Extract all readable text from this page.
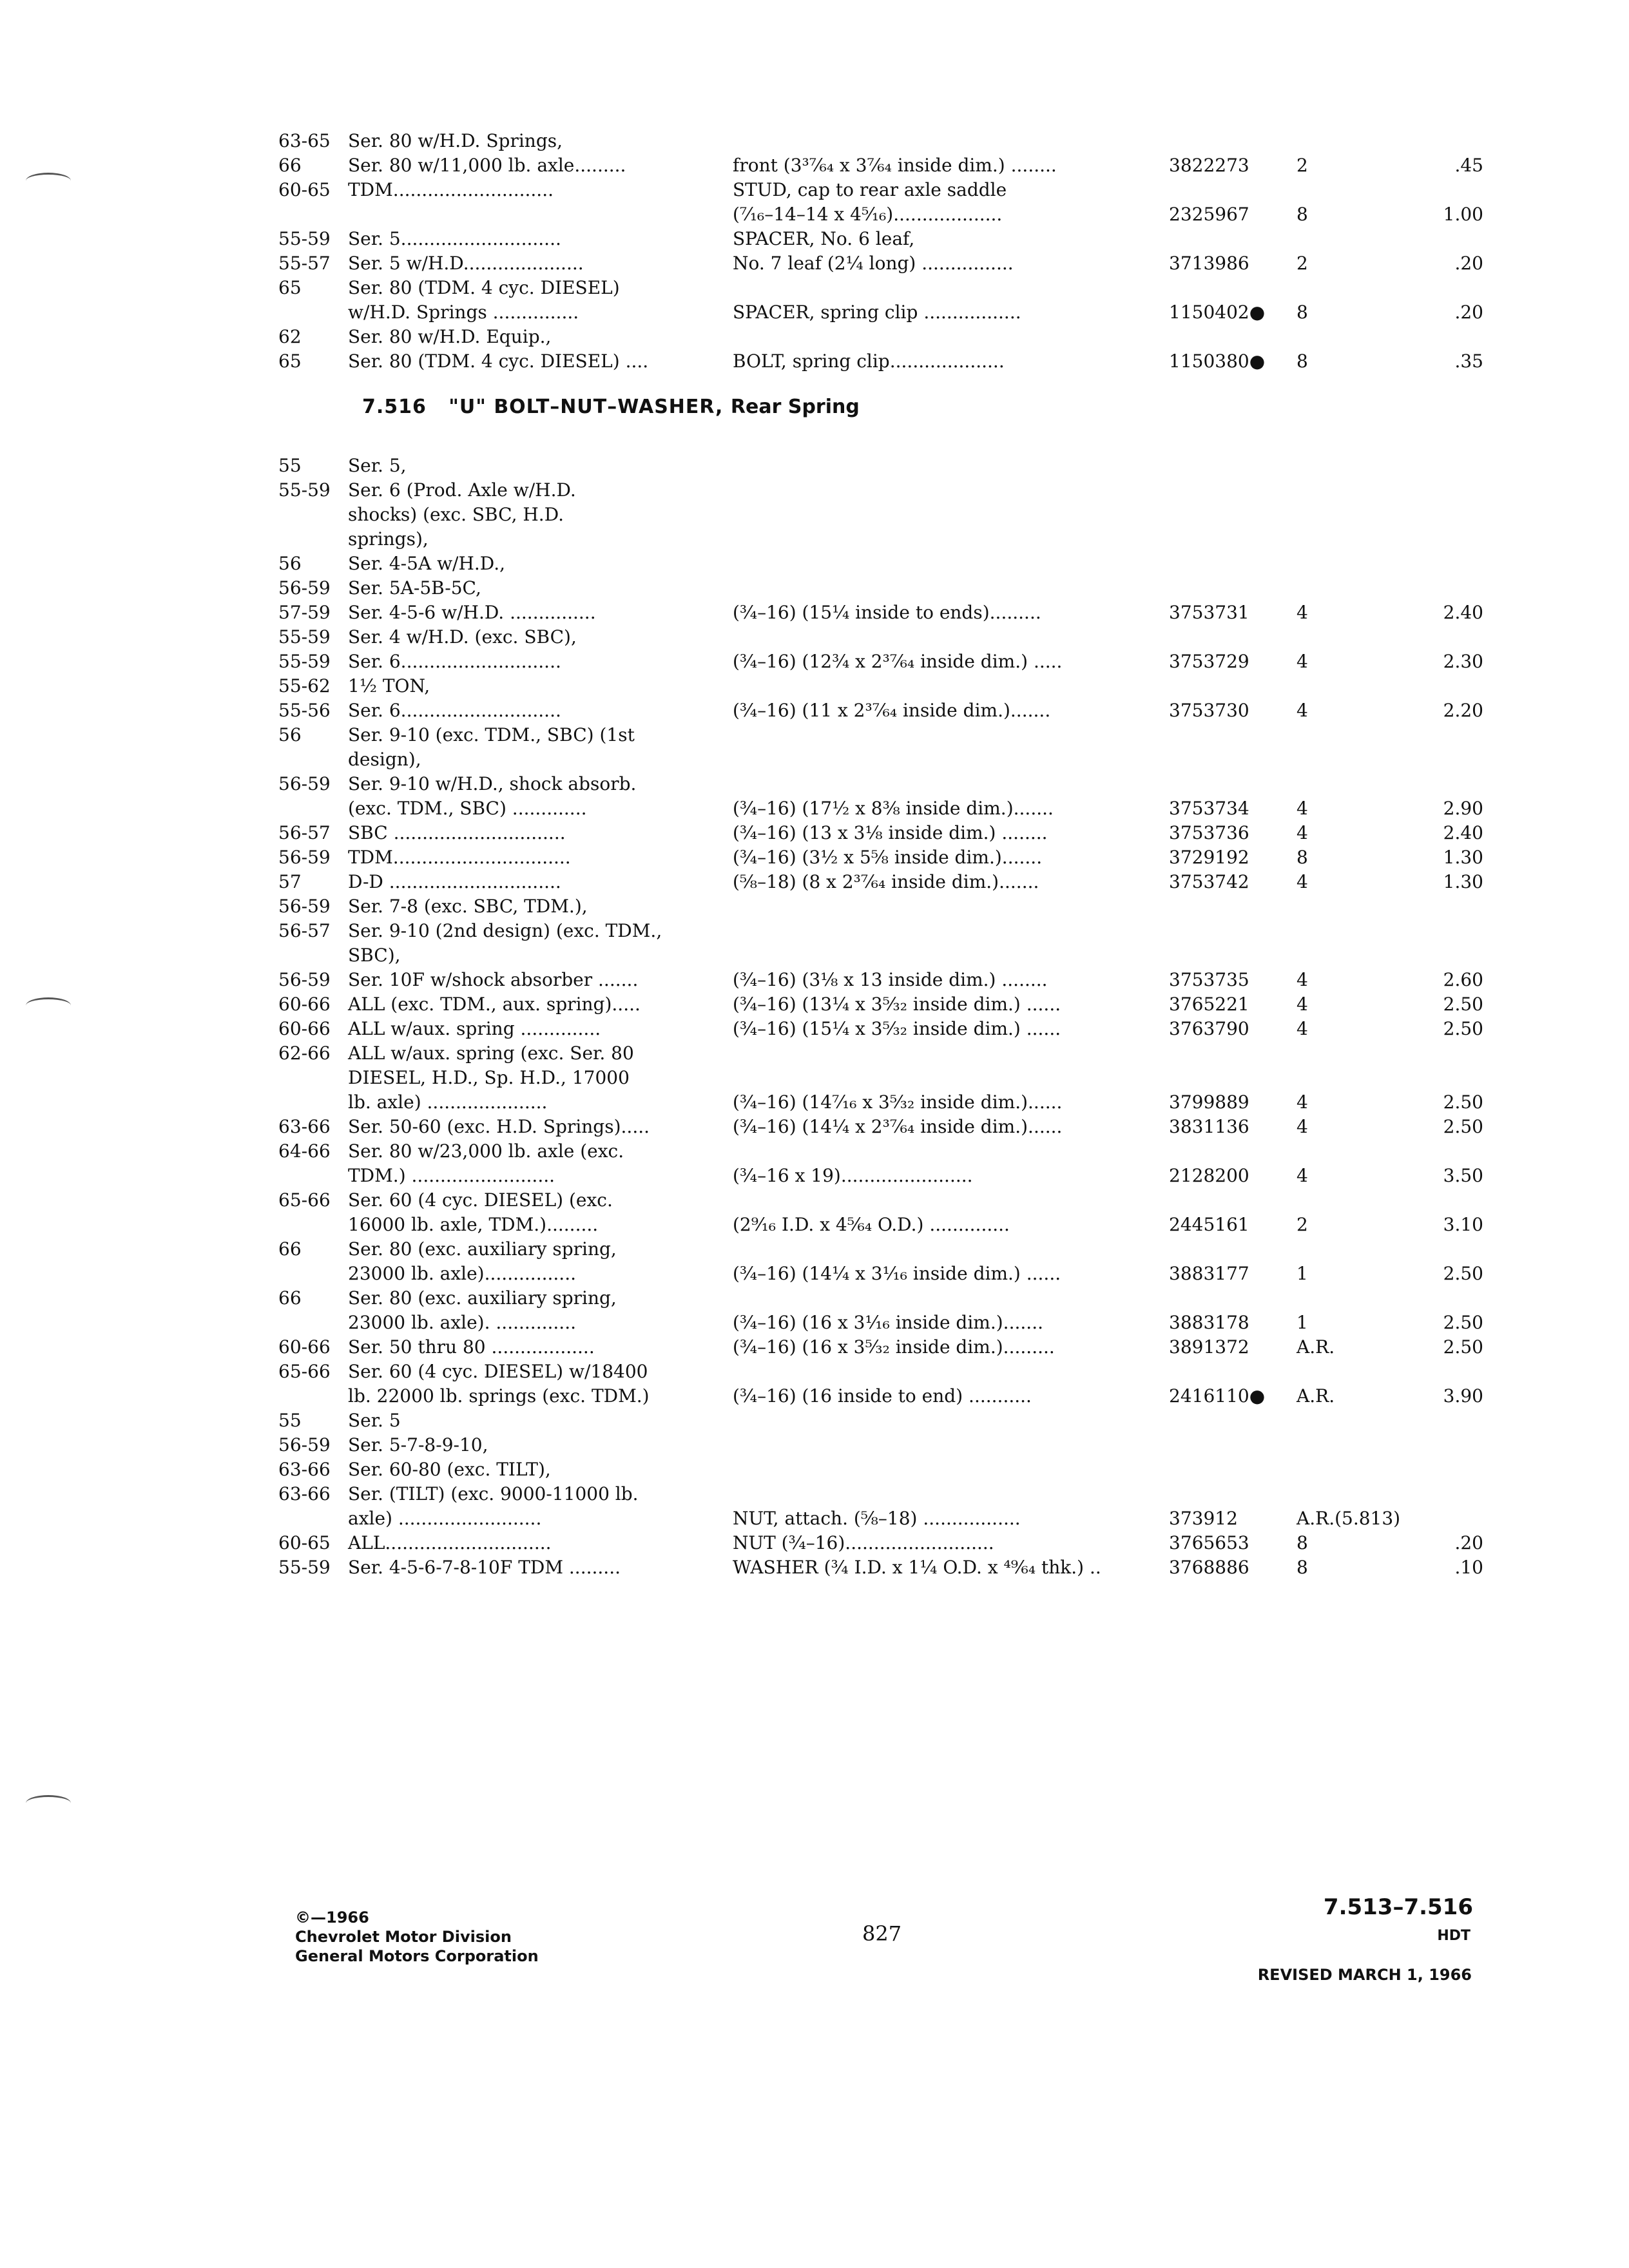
63-65 Ser. 80 w/H.D. Springs,
66	Ser. 80 w/11,000 lb. axle.........	front (3³⁷⁄₆₄ x 3⁷⁄₆₄ inside dim.) ........	3822273	2	.45
60-65 TDM............................	STUD, cap to rear axle saddle
(⁷⁄₁₆–14–14 x 4⁵⁄₁₆)...................	2325967	8	1.00
55-59 Ser. 5............................	SPACER, No. 6 leaf,
55-57 Ser. 5 w/H.D.....................	No. 7 leaf (2¼ long) ................	3713986	2	.20
65	Ser. 80 (TDM. 4 cyc. DIESEL)
w/H.D. Springs ...............	SPACER, spring clip .................	1150402●	8	.20
62	Ser. 80 w/H.D. Equip.,
65	Ser. 80 (TDM. 4 cyc. DIESEL) ....	BOLT, spring clip....................	1150380●	8	.35
7.516 "U" BOLT–NUT–WASHER, Rear Spring
55	Ser. 5,
55-59 Ser. 6 (Prod. Axle w/H.D.
shocks) (exc. SBC, H.D.
springs),
56	Ser. 4-5A w/H.D.,
56-59 Ser. 5A-5B-5C,
57-59 Ser. 4-5-6 w/H.D. ...............	(¾–16) (15¼ inside to ends).........	3753731	4	2.40
55-59 Ser. 4 w/H.D. (exc. SBC),
55-59 Ser. 6............................	(¾–16) (12¾ x 2³⁷⁄₆₄ inside dim.) .....	3753729	4	2.30
55-62 1½ TON,
55-56 Ser. 6............................	(¾–16) (11 x 2³⁷⁄₆₄ inside dim.).......	3753730	4	2.20
56	Ser. 9-10 (exc. TDM., SBC) (1st
design),
56-59 Ser. 9-10 w/H.D., shock absorb.
(exc. TDM., SBC) .............	(¾–16) (17½ x 8⅜ inside dim.).......	3753734	4	2.90
56-57 SBC ..............................	(¾–16) (13 x 3⅛ inside dim.) ........	3753736	4	2.40
56-59 TDM...............................	(¾–16) (3½ x 5⅝ inside dim.).......	3729192	8	1.30
57	D-D ..............................	(⅝–18) (8 x 2³⁷⁄₆₄ inside dim.).......	3753742	4	1.30
56-59 Ser. 7-8 (exc. SBC, TDM.),
56-57 Ser. 9-10 (2nd design) (exc. TDM.,
SBC),
56-59 Ser. 10F w/shock absorber .......	(¾–16) (3⅛ x 13 inside dim.) ........	3753735	4	2.60
60-66 ALL (exc. TDM., aux. spring).....	(¾–16) (13¼ x 3⁵⁄₃₂ inside dim.) ......	3765221	4	2.50
60-66 ALL w/aux. spring ..............	(¾–16) (15¼ x 3⁵⁄₃₂ inside dim.) ......	3763790	4	2.50
62-66 ALL w/aux. spring (exc. Ser. 80
DIESEL, H.D., Sp. H.D., 17000
lb. axle) .....................	(¾–16) (14⁷⁄₁₆ x 3⁵⁄₃₂ inside dim.)......	3799889	4	2.50
63-66 Ser. 50-60 (exc. H.D. Springs).....	(¾–16) (14¼ x 2³⁷⁄₆₄ inside dim.)......	3831136	4	2.50
64-66 Ser. 80 w/23,000 lb. axle (exc.
TDM.) .........................	(¾–16 x 19).......................	2128200	4	3.50
65-66 Ser. 60 (4 cyc. DIESEL) (exc.
16000 lb. axle, TDM.).........	(2⁹⁄₁₆ I.D. x 4⁵⁄₆₄ O.D.) ..............	2445161	2	3.10
66	Ser. 80 (exc. auxiliary spring,
23000 lb. axle)................	(¾–16) (14¼ x 3⅟₁₆ inside dim.) ......	3883177	1	2.50
66	Ser. 80 (exc. auxiliary spring,
23000 lb. axle). ..............	(¾–16) (16 x 3⅟₁₆ inside dim.).......	3883178	1	2.50
60-66 Ser. 50 thru 80 ..................	(¾–16) (16 x 3⁵⁄₃₂ inside dim.).........	3891372	A.R.	2.50
65-66 Ser. 60 (4 cyc. DIESEL) w/18400
lb. 22000 lb. springs (exc. TDM.)	(¾–16) (16 inside to end) ...........	2416110●	A.R.	3.90
55	Ser. 5
56-59 Ser. 5-7-8-9-10,
63-66 Ser. 60-80 (exc. TILT),
63-66 Ser. (TILT) (exc. 9000-11000 lb.
axle) .........................	NUT, attach. (⅝–18) .................	373912	A.R.(5.813)
60-65 ALL.............................	NUT (¾–16)..........................	3765653	8	.20
55-59 Ser. 4-5-6-7-8-10F TDM .........	WASHER (¾ I.D. x 1¼ O.D. x ⁴⁹⁄₆₄ thk.) ..	3768886	8	.10
©—1966
Chevrolet Motor Division
General Motors Corporation
827
7.513–7.516
HDT
REVISED MARCH 1, 1966
